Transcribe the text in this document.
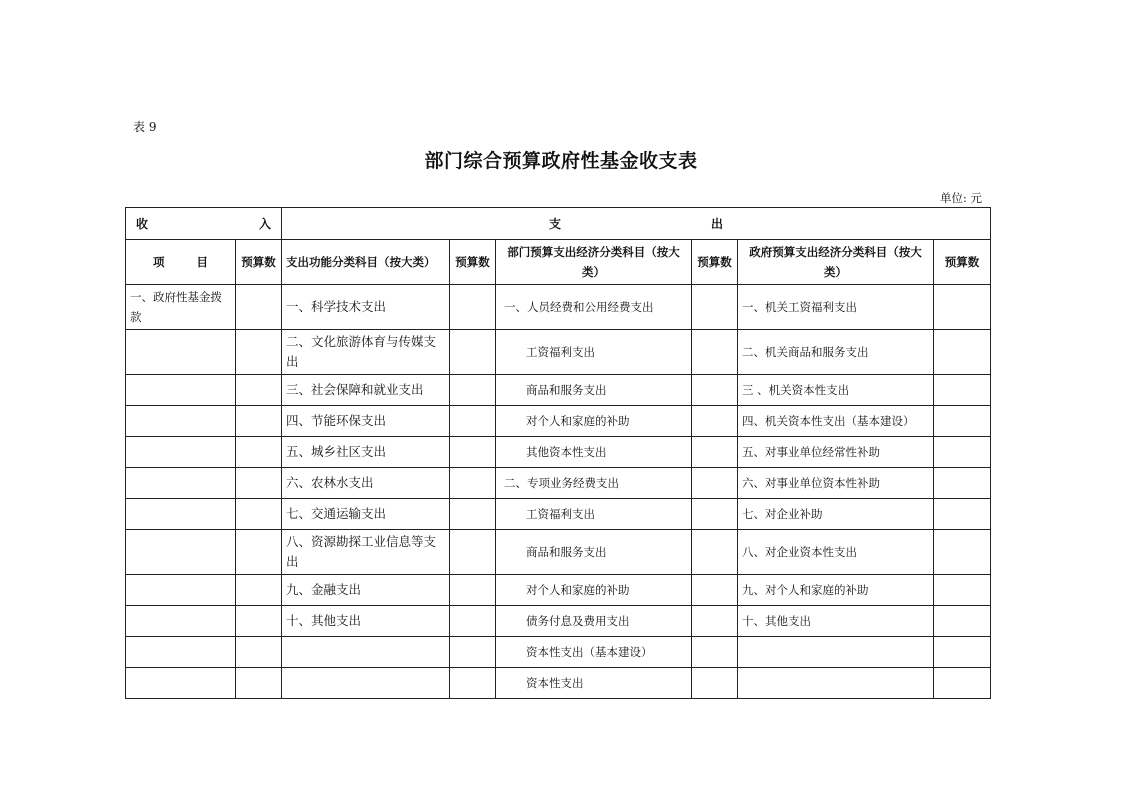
表 9
部门综合预算政府性基金收支表
单位: 元
收 入		支 出					

项 目	预算数	支出功能分类科目（按大类）	预算数	部门预算支出经济分类科目（按大类）	预算数	政府预算支出经济分类科目（按大类）	预算数
一、政府性基金拨款		一、科学技术支出		一、人员经费和公用经费支出		一、机关工资福利支出	
		二、文化旅游体育与传媒支出		工资福利支出		二、机关商品和服务支出	
		三、社会保障和就业支出		商品和服务支出		三 、机关资本性支出	
		四、节能环保支出		对个人和家庭的补助		四、机关资本性支出（基本建设）	
		五、城乡社区支出		其他资本性支出		五、对事业单位经常性补助	
		六、农林水支出		二、专项业务经费支出		六、对事业单位资本性补助	
		七、交通运输支出		工资福利支出		七、对企业补助	
		八、资源勘探工业信息等支出		商品和服务支出		八、对企业资本性支出	
		九、金融支出		对个人和家庭的补助		九、对个人和家庭的补助	
		十、其他支出		债务付息及费用支出		十、其他支出	
				资本性支出（基本建设）			
				资本性支出			
